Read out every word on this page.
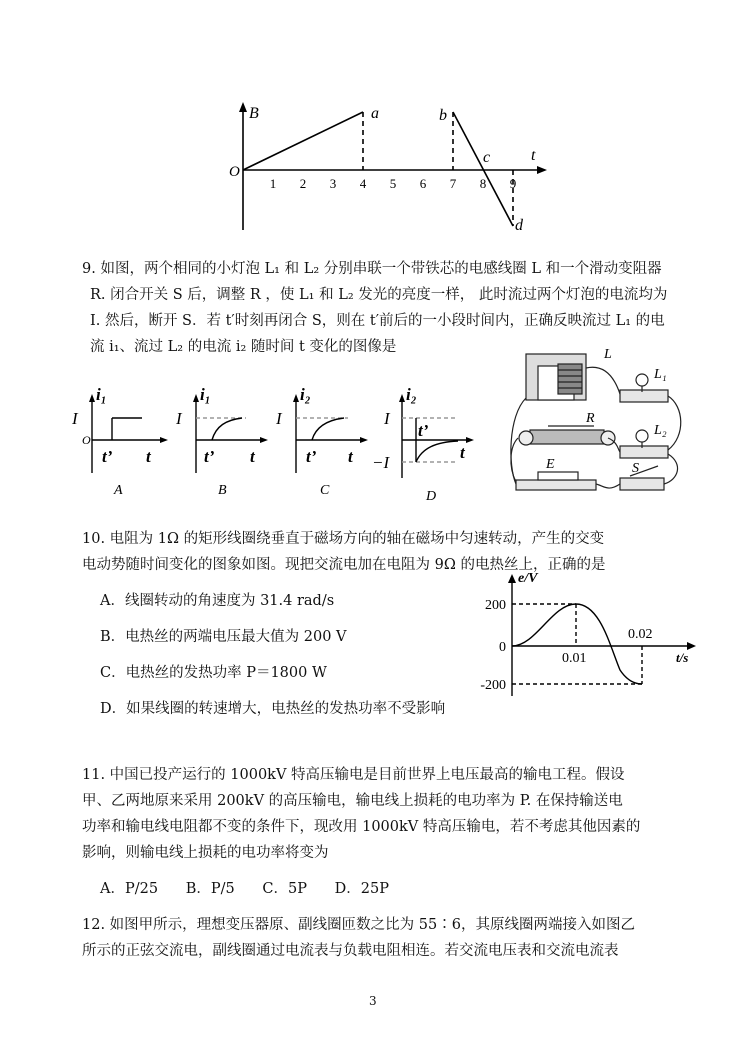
B
t
O
1 2 3 4 5 6 7 8 9
a	b
c
d
9. 如图，两个相同的小灯泡 L₁ 和 L₂ 分别串联一个带铁芯的电感线圈 L 和一个滑动变阻器
R. 闭合开关 S 后，调整 R ，使 L₁ 和 L₂ 发光的亮度一样， 此时流过两个灯泡的电流均为
I. 然后，断开 S．若 t′时刻再闭合 S，则在 t′前后的一小段时间内，正确反映流过 L₁ 的电
流 i₁、流过 L₂ 的电流 i₂ 随时间 t 变化的图像是
i₁
I
O
t’ t
A
i₁
I
t’ t
B
i₂
I
t’ t
C
i₂
I
−I
t’
t
D
L
L₁
R
L₂
E	S
10. 电阻为 1Ω 的矩形线圈绕垂直于磁场方向的轴在磁场中匀速转动，产生的交变
电动势随时间变化的图象如图。现把交流电加在电阻为 9Ω 的电热丝上，正确的是
A．线圈转动的角速度为 31.4 rad/s
B．电热丝的两端电压最大值为 200 V
C．电热丝的发热功率 P＝1800 W
D．如果线圈的转速增大，电热丝的发热功率不受影响
e/V
t/s
200
0
-200
0.01
0.02
11. 中国已投产运行的 1000kV 特高压输电是目前世界上电压最高的输电工程。假设
甲、乙两地原来采用 200kV 的高压输电，输电线上损耗的电功率为 P. 在保持输送电
功率和输电线电阻都不变的条件下，现改用 1000kV 特高压输电，若不考虑其他因素的
影响，则输电线上损耗的电功率将变为
A．P/25      B．P/5      C．5P      D．25P
12. 如图甲所示，理想变压器原、副线圈匝数之比为 55∶6，其原线圈两端接入如图乙
所示的正弦交流电，副线圈通过电流表与负载电阻相连。若交流电压表和交流电流表
3
